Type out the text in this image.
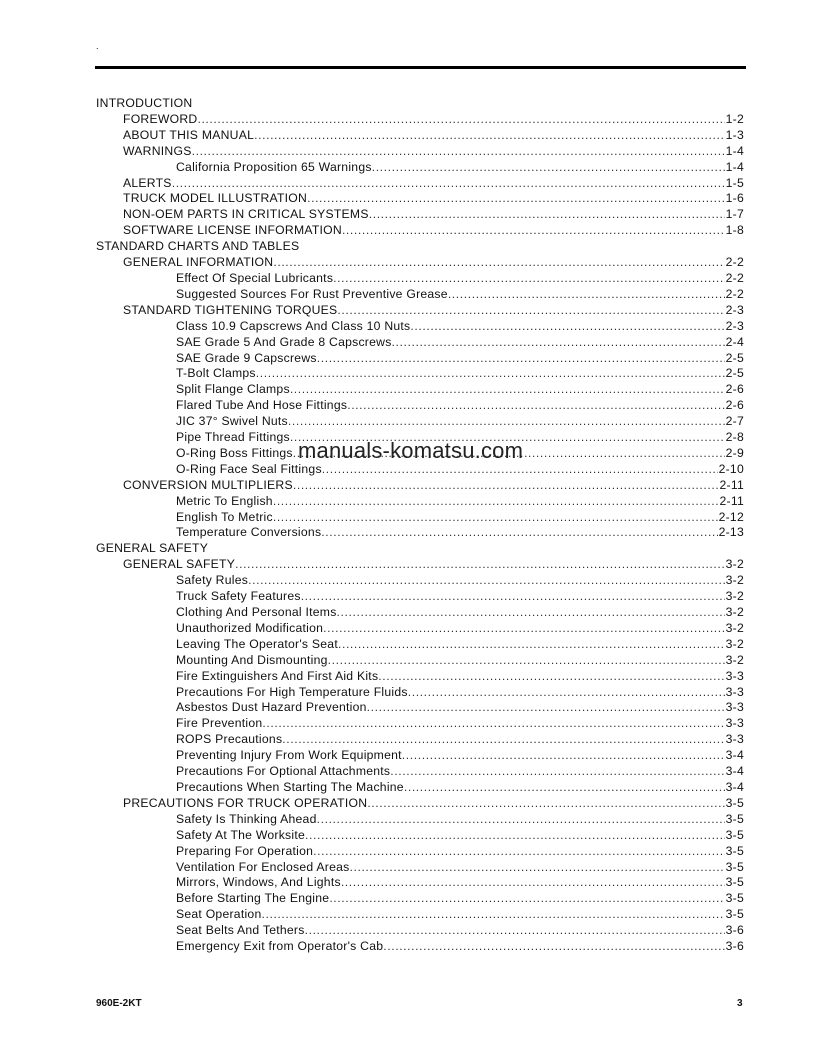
.
INTRODUCTION
FOREWORD .....	1-2
ABOUT THIS MANUAL .....	1-3
WARNINGS .....	1-4
California Proposition 65 Warnings .....	1-4
ALERTS .....	1-5
TRUCK MODEL ILLUSTRATION .....	1-6
NON-OEM PARTS IN CRITICAL SYSTEMS .....	1-7
SOFTWARE LICENSE INFORMATION .....	1-8
STANDARD CHARTS AND TABLES
GENERAL INFORMATION .....	2-2
Effect Of Special Lubricants .....	2-2
Suggested Sources For Rust Preventive Grease .....	2-2
STANDARD TIGHTENING TORQUES .....	2-3
Class 10.9 Capscrews And Class 10 Nuts .....	2-3
SAE Grade 5 And Grade 8 Capscrews .....	2-4
SAE Grade 9 Capscrews .....	2-5
T-Bolt Clamps .....	2-5
Split Flange Clamps .....	2-6
Flared Tube And Hose Fittings .....	2-6
JIC 37° Swivel Nuts .....	2-7
Pipe Thread Fittings .....	2-8
O-Ring Boss Fittings .....	2-9
O-Ring Face Seal Fittings .....	2-10
CONVERSION MULTIPLIERS .....	2-11
Metric To English .....	2-11
English To Metric .....	2-12
Temperature Conversions .....	2-13
GENERAL SAFETY
GENERAL SAFETY .....	3-2
Safety Rules .....	3-2
Truck Safety Features .....	3-2
Clothing And Personal Items .....	3-2
Unauthorized Modification .....	3-2
Leaving The Operator's Seat .....	3-2
Mounting And Dismounting .....	3-2
Fire Extinguishers And First Aid Kits .....	3-3
Precautions For High Temperature Fluids .....	3-3
Asbestos Dust Hazard Prevention .....	3-3
Fire Prevention .....	3-3
ROPS Precautions .....	3-3
Preventing Injury From Work Equipment .....	3-4
Precautions For Optional Attachments .....	3-4
Precautions When Starting The Machine .....	3-4
PRECAUTIONS FOR TRUCK OPERATION .....	3-5
Safety Is Thinking Ahead .....	3-5
Safety At The Worksite .....	3-5
Preparing For Operation .....	3-5
Ventilation For Enclosed Areas .....	3-5
Mirrors, Windows, And Lights .....	3-5
Before Starting The Engine .....	3-5
Seat Operation .....	3-5
Seat Belts And Tethers .....	3-6
Emergency Exit from Operator's Cab .....	3-6
manuals-komatsu.com
960E-2KT	3
